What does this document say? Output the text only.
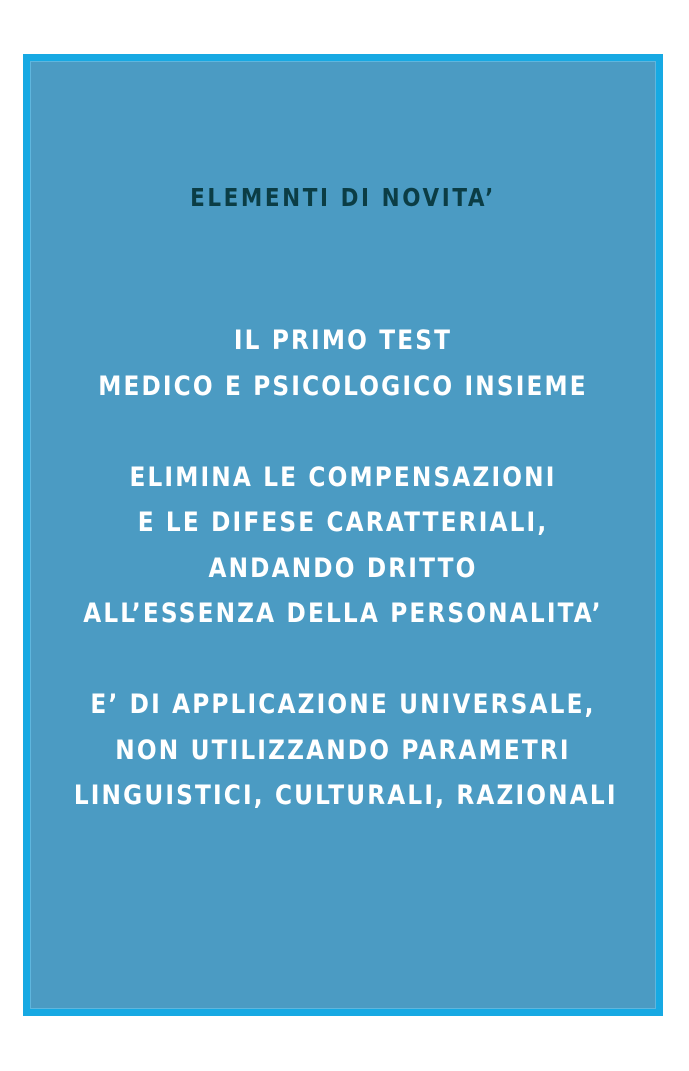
ELEMENTI DI NOVITA’

IL PRIMO TEST
MEDICO E PSICOLOGICO INSIEME

ELIMINA LE COMPENSAZIONI
E LE DIFESE CARATTERIALI,
ANDANDO DRITTO
ALL’ESSENZA DELLA PERSONALITA’

E’ DI APPLICAZIONE UNIVERSALE,
NON UTILIZZANDO PARAMETRI
LINGUISTICI, CULTURALI, RAZIONALI
